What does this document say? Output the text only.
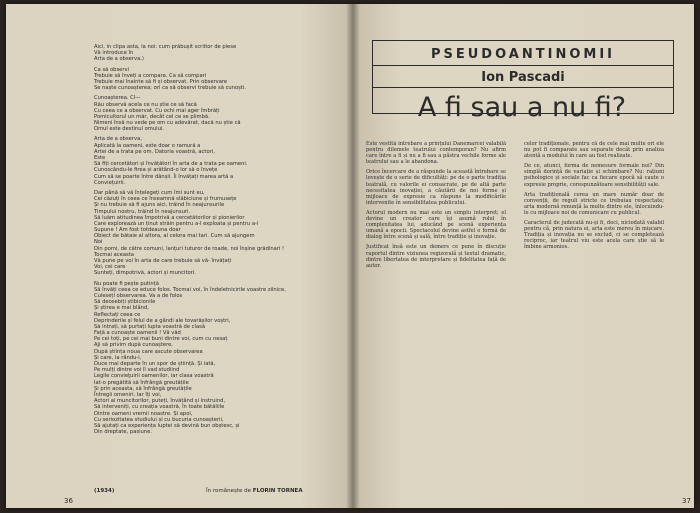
Aici, in clipa asta, la noi: cum prăbușit scriitor de piese
Vă introduce în
Arta de a observa.)
Ca să observi
Trebuie să înveți a compara. Ca să compari
Trebuie mai înainte să fi și observat. Prin observare
Se naște cunoașterea; ori ca să observi trebuie să cunoști.
Cunoașterea. Cl—
Rău observă acela ce nu știe ce să facă
Cu ceea ce a observat. Cu ochi mai ager îmbrăți
Pomicultorul un măr, decât cel ce se plimbă.
Nimeni însă nu vede pe om cu adevărat, dacă nu știe că
Omul este destinul omului.
Arta de a observa,
Aplicată la oameni, este doar o ramură a
Artei de a trata pe om. Datoria voastră, actori,
Este
Să fiți cercetători și învățători în arta de a trata pe oameni.
Cunoscându-le firea și arătând-o lor să o învețe
Cum să se poarte între dânșii. Îi învățați marea artă a
Conviețuirii.
Dar până să vă înțelegeți cum îmi sunt eu,
Cei căzuți în ceea ce înseamnă slăbiciune și frumusețe
Și nu trebuie să fi ajuns aici, trăind în neajunsurile
Timpului nostru, trăind în neajunsuri.
Să luăm atitudinea împotrivă a cercetătorilor și pionierilor
Care explorează un ținut străin pentru a-l exploata și pentru a-l
Supune ! Am fost totdeauna doar
Obiect de bătaie al altora, al celora mai tari. Cum să ajungem
Noi
Din pomi, de către comuni, lanțuri tuturor de roade, noi înșine grădinari !
Tocmai aceasta
Vă pune pe voi în arta de care trebuie să vă- învățați
Voi, cei care
Sunteți, dimpotrivă, actori și muncitori.
Nu poate fi pește putință
Să învăți ceea ce educe folos. Tocmai voi, în îndeletnicirile voastre zilnice,
Culeseți observarea. Va a de folos
Să deosebiți știbicionile
Și știrea e mai blând,
Reflectați ceea ce
Deprinderile și felul de a gândi ale tovarășilor voștri,
Să intrați, să purtați lupta voastră de clasă
Față a cunoaște oamenii ! Vă văd
Pe cei toți, pe cei mai buni dintre voi, cum cu nesaț
Aji să privim după cunoaștere,
După știința noua care ascute observarea
Și care, la rându-i,
Duce mai departe în un spor de știință. Și iată,
Pe mulți dintre voi îi vad studiind
Legile convieţuirii oamenilor, iar clasa voastră
Iat-o pregătită să înfrângă greutățile
Și prin aceasta, să înfrângă greutățile
Întregii omeniri. Iar îți voi,
Actori ai muncitorilor, puteți, învățând și instruind,
Să interveniți, cu creația voastră, în toate bătăliile
Dintre oameni vremii noastre. Și apoi,
Cu seriozitatea studiului și cu bucuria cunoașterii,
Să ajutați ca experiența luptei să devină bun obștesc, și
Din dreptate, pasiune.
(1934)	În românește de FLORIN TORNEA
36
PSEUDOANTINOMII
Ion Pascadi
A fi sau a nu fi?

Este vestită întrebare a prințului Danemarcei valabilă pentru dilemele teatrului contemporan? Nu afirm care între a fi și nu a fi sau a păstra vechile forme ale teatrului sau a le abandona.

Orice încercare de a răspunde la această întrebare se lovește de o serie de dificultăți: pe de o parte tradiția teatrală, cu valorile ei consacrate, pe de altă parte necesitatea inovației, a căutării de noi forme și mijloace de expresie ca răspuns la modificările intervenite în sensibilitatea publicului.

Actorul modern nu mai este un simplu interpret; el devine un creator care își asumă rolul în complexitatea lui, aducând pe scenă experiența umană a epocii. Spectacolul devine astfel o formă de dialog între scenă și sală, între tradiție și inovație.

Justificat însă este un demers ce pune în discuție raportul dintre viziunea regizorală și textul dramatic, dintre libertatea de interpretare și fidelitatea față de autor.

celor tradiționale, pentru că de cele mai multe ori ele nu pot fi comparate sau separate decât prin analiza atentă a modului în care au fost realizate.

De ce, atunci, forma de nemesure formale noi? Din simplă dorință de variație și schimbare? Nu: rațiuni psihologice și sociale fac ca fiecare epocă să caute o expresie proprie, corespunzătoare sensibilității sale.

Arta tradițională cerea un mare număr doar de convenții, de reguli stricte ce trebuiau respectate; arta modernă renunță la multe dintre ele, înlocuindu-le cu mijloace noi de comunicare cu publicul.

Caracterul de judecată nu-și fi, deci, niciodată valabil pentru că, prin natura ei, arta este mereu în mișcare. Tradiția și inovația nu se exclud, ci se completează reciproc, iar teatrul viu este acela care știe să le îmbine armonios.

37
